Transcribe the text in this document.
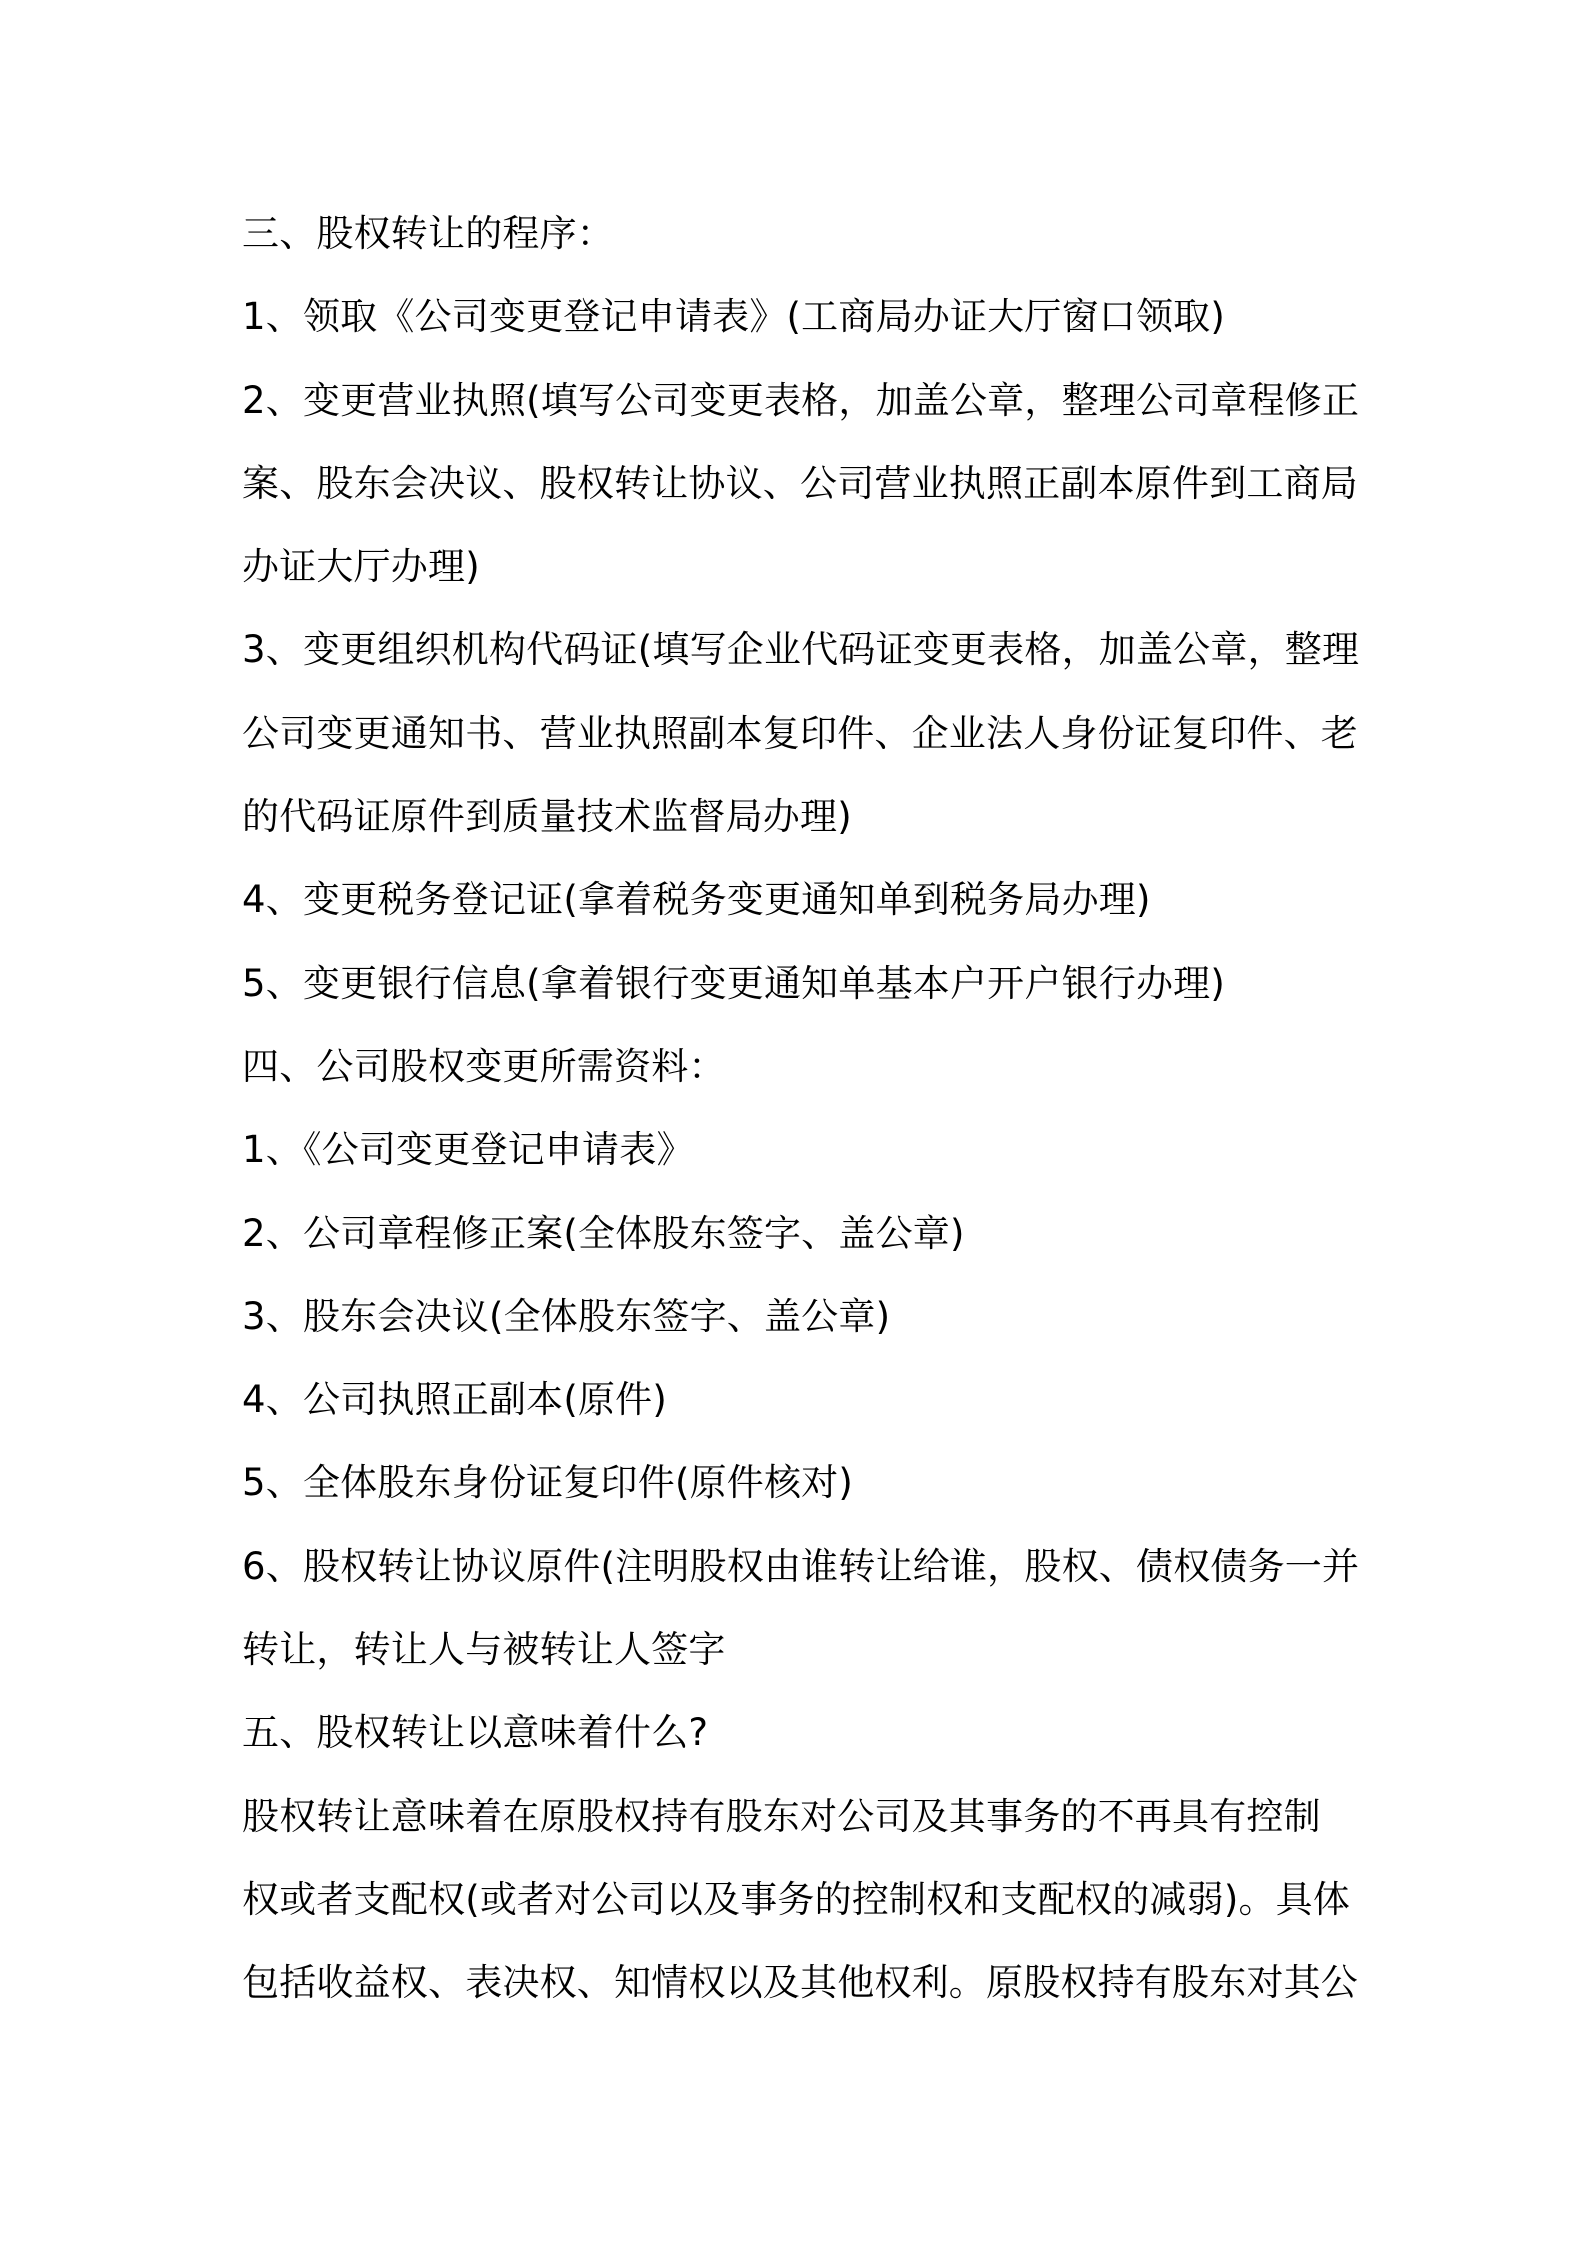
三、股权转让的程序：
1、领取《公司变更登记申请表》(工商局办证大厅窗口领取)
2、变更营业执照(填写公司变更表格，加盖公章，整理公司章程修正
案、股东会决议、股权转让协议、公司营业执照正副本原件到工商局
办证大厅办理)
3、变更组织机构代码证(填写企业代码证变更表格，加盖公章，整理
公司变更通知书、营业执照副本复印件、企业法人身份证复印件、老
的代码证原件到质量技术监督局办理)
4、变更税务登记证(拿着税务变更通知单到税务局办理)
5、变更银行信息(拿着银行变更通知单基本户开户银行办理)
四、公司股权变更所需资料：
1、《公司变更登记申请表》
2、公司章程修正案(全体股东签字、盖公章)
3、股东会决议(全体股东签字、盖公章)
4、公司执照正副本(原件)
5、全体股东身份证复印件(原件核对)
6、股权转让协议原件(注明股权由谁转让给谁，股权、债权债务一并
转让，转让人与被转让人签字
五、股权转让以意味着什么?
股权转让意味着在原股权持有股东对公司及其事务的不再具有控制
权或者支配权(或者对公司以及事务的控制权和支配权的减弱)。具体
包括收益权、表决权、知情权以及其他权利。原股权持有股东对其公
